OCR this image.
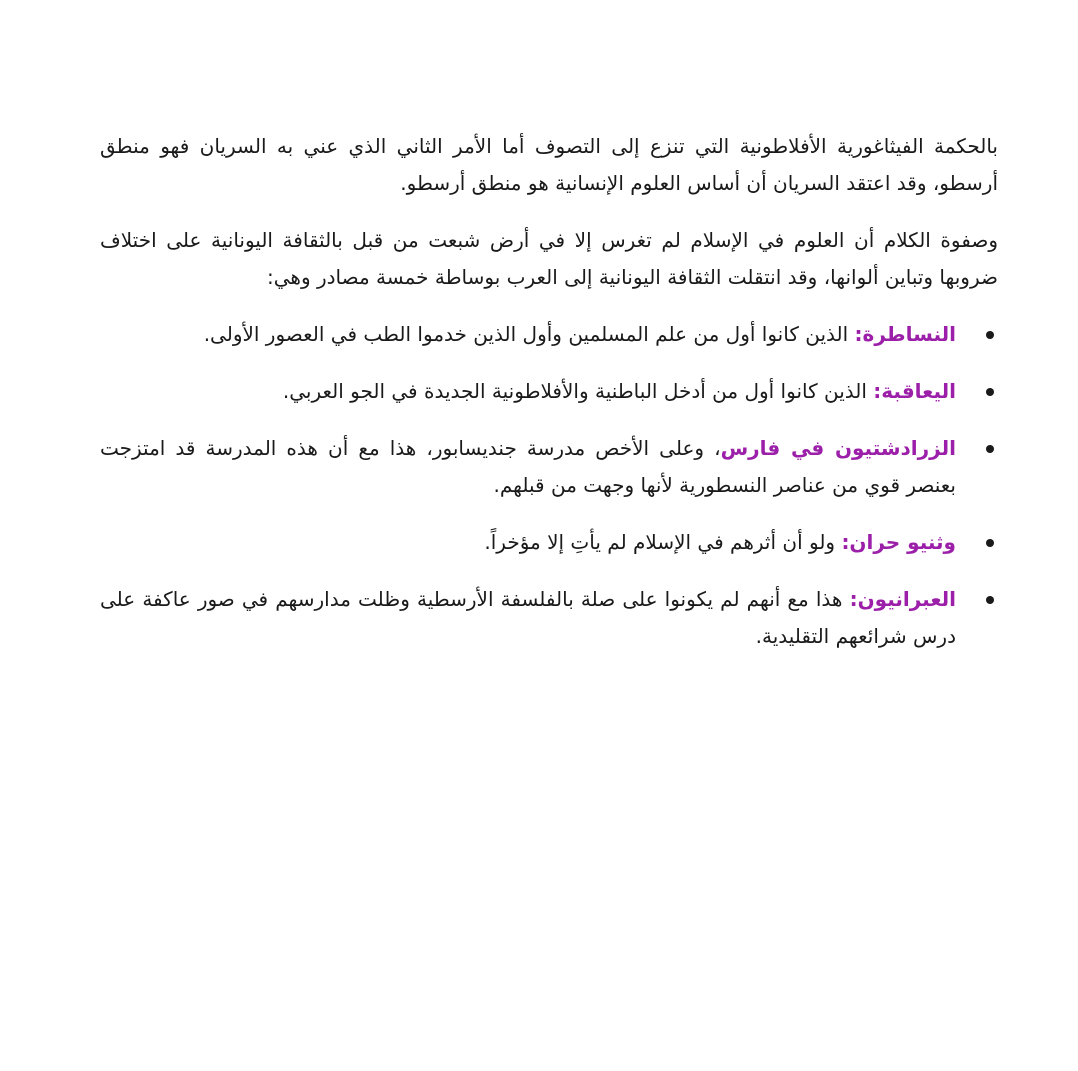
بالحكمة الفيثاغورية الأفلاطونية التي تنزع إلى التصوف أما الأمر الثاني الذي عني به السريان فهو منطق أرسطو، وقد اعتقد السريان أن أساس العلوم الإنسانية هو منطق أرسطو.

وصفوة الكلام أن العلوم في الإسلام لم تغرس إلا في أرض شبعت من قبل بالثقافة اليونانية على اختلاف ضروبها وتباين ألوانها، وقد انتقلت الثقافة اليونانية إلى العرب بوساطة خمسة مصادر وهي:

النساطرة: الذين كانوا أول من علم المسلمين وأول الذين خدموا الطب في العصور الأولى.
اليعاقبة: الذين كانوا أول من أدخل الباطنية والأفلاطونية الجديدة في الجو العربي.
الزرادشتيون في فارس، وعلى الأخص مدرسة جنديسابور، هذا مع أن هذه المدرسة قد امتزجت بعنصر قوي من عناصر النسطورية لأنها وجهت من قبلهم.
وثنيو حران: ولو أن أثرهم في الإسلام لم يأتِ إلا مؤخراً.
العبرانيون: هذا مع أنهم لم يكونوا على صلة بالفلسفة الأرسطية وظلت مدارسهم في صور عاكفة على درس شرائعهم التقليدية.
